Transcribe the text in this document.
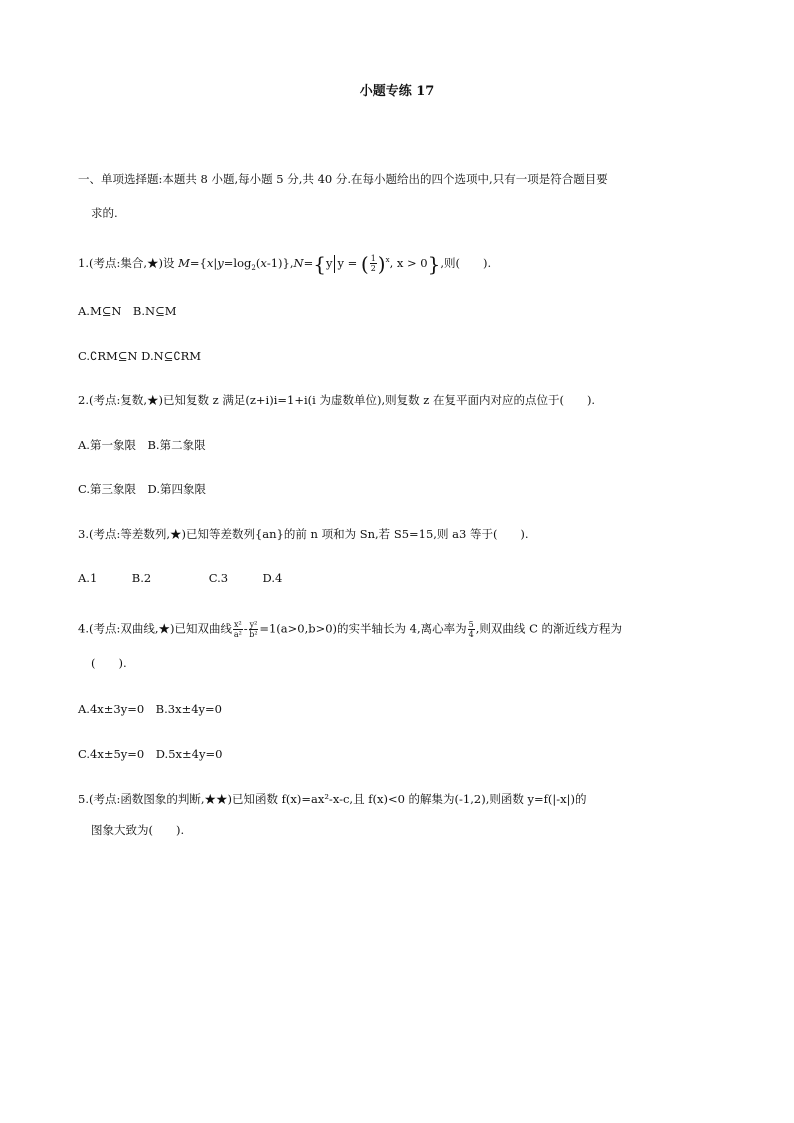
小题专练 17
一、单项选择题:本题共 8 小题,每小题 5 分,共 40 分.在每小题给出的四个选项中,只有一项是符合题目要
求的.
1.(考点:集合,★)设 $M=\{x|y=\log_2(x-1)\},N=\{y$ y = ( $\frac{1}{2} )^x$, x > 0},则(　　).
A.M⊆N　B.N⊆M
C.∁RM⊆N D.N⊆∁RM
2.(考点:复数,★)已知复数 z 满足(z+i)i=1+i(i 为虚数单位),则复数 z 在复平面内对应的点位于(　　).
A.第一象限　B.第二象限
C.第三象限　D.第四象限
3.(考点:等差数列,★)已知等差数列{an}的前 n 项和为 Sn,若 S5=15,则 a3 等于(　　).
A.1　　　B.2　　　　　C.3　　　D.4
4.(考点:双曲线,★)已知双曲线 $\frac{\text{x²}}{\text{a²}} - \frac{\text{y²}}{\text{b²}} =1(a>0,b>0)$的实半轴长为 4,离心率为 $\frac{5}{4}$ ,则双曲线 C 的渐近线方程为
(　　).
A.4x±3y=0　B.3x±4y=0
C.4x±5y=0　D.5x±4y=0
5.(考点:函数图象的判断,★★)已知函数 f(x)=ax²-x-c,且 f(x)<0 的解集为(-1,2),则函数 y=f(|-x|)的
图象大致为(　　).
